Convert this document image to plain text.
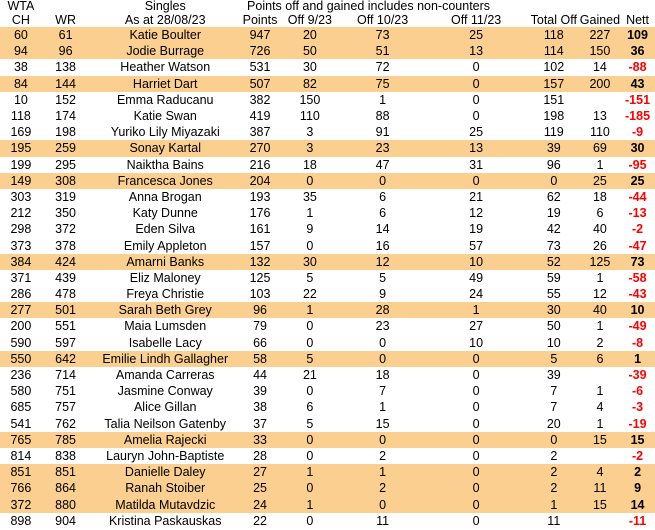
WTA		Singles	Points off and gained includes non-counters						
CH	WR	As at 28/08/23	Points	Off 9/23	Off 10/23	Off 11/23	Total Off	Gained	Nett
60	61	Katie Boulter	947	20	73	25	118	227	109
94	96	Jodie Burrage	726	50	51	13	114	150	36
38	138	Heather Watson	531	30	72	0	102	14	-88
84	144	Harriet Dart	507	82	75	0	157	200	43
10	152	Emma Raducanu	382	150	1	0	151		-151
118	174	Katie Swan	419	110	88	0	198	13	-185
169	198	Yuriko Lily Miyazaki	387	3	91	25	119	110	-9
195	259	Sonay Kartal	270	3	23	13	39	69	30
199	295	Naiktha Bains	216	18	47	31	96	1	-95
149	308	Francesca Jones	204	0	0	0	0	25	25
303	319	Anna Brogan	193	35	6	21	62	18	-44
212	350	Katy Dunne	176	1	6	12	19	6	-13
298	372	Eden Silva	161	9	14	19	42	40	-2
373	378	Emily Appleton	157	0	16	57	73	26	-47
384	424	Amarni Banks	132	30	12	10	52	125	73
371	439	Eliz Maloney	125	5	5	49	59	1	-58
286	478	Freya Christie	103	22	9	24	55	12	-43
277	501	Sarah Beth Grey	96	1	28	1	30	40	10
200	551	Maia Lumsden	79	0	23	27	50	1	-49
590	597	Isabelle Lacy	66	0	0	10	10	2	-8
550	642	Emilie Lindh Gallagher	58	5	0	0	5	6	1
236	714	Amanda Carreras	44	21	18	0	39		-39
580	751	Jasmine Conway	39	0	7	0	7	1	-6
685	757	Alice Gillan	38	6	1	0	7	4	-3
541	762	Talia Neilson Gatenby	37	5	15	0	20	1	-19
765	785	Amelia Rajecki	33	0	0	0	0	15	15
814	838	Lauryn John-Baptiste	28	0	2	0	2		-2
851	851	Danielle Daley	27	1	1	0	2	4	2
766	864	Ranah Stoiber	25	0	2	0	2	11	9
372	880	Matilda Mutavdzic	24	1	0	0	1	15	14
898	904	Kristina Paskauskas	22	0	11	0	11		-11
